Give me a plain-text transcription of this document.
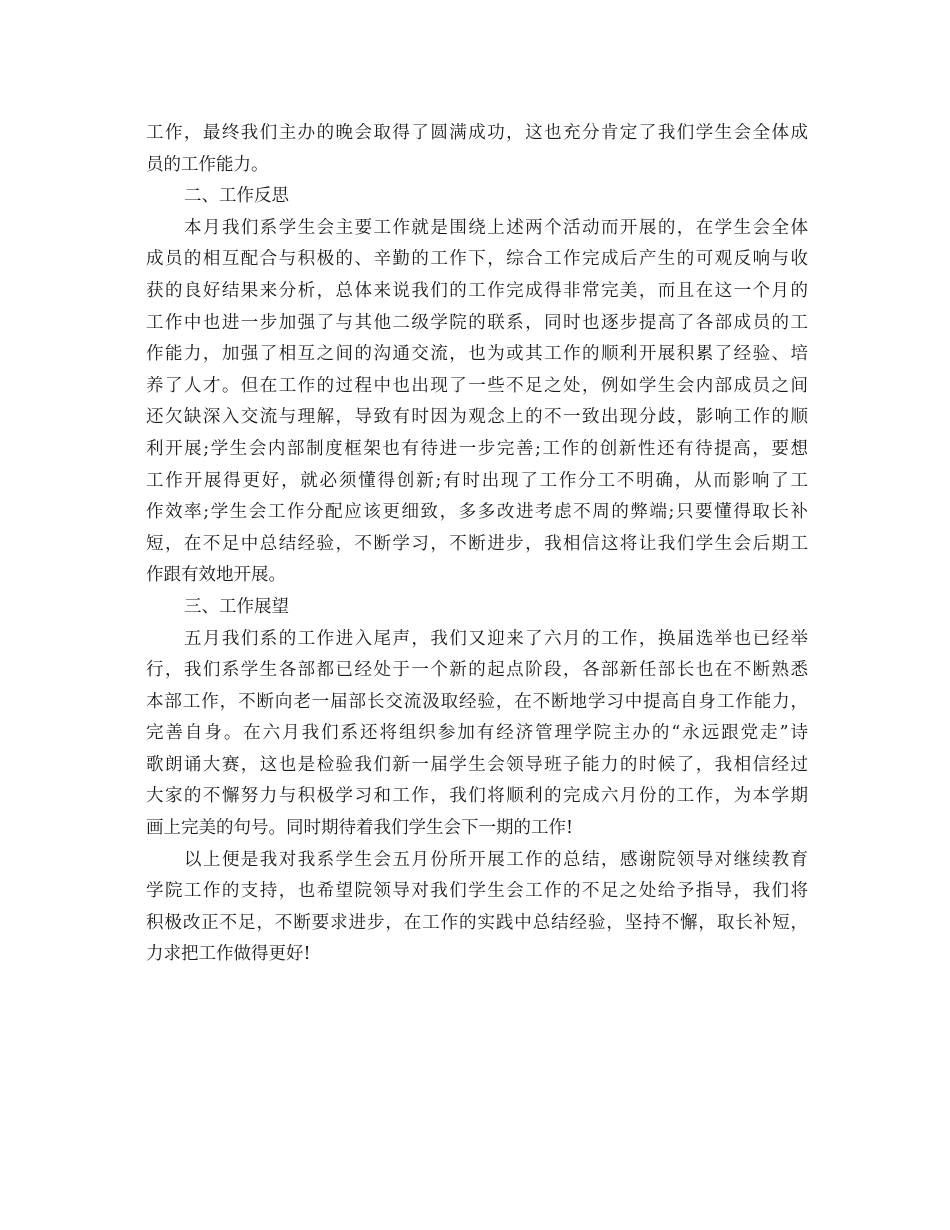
工作，最终我们主办的晚会取得了圆满成功，这也充分肯定了我们学生会全体成
员的工作能力。
二、工作反思
本月我们系学生会主要工作就是围绕上述两个活动而开展的，在学生会全体
成员的相互配合与积极的、辛勤的工作下，综合工作完成后产生的可观反响与收
获的良好结果来分析，总体来说我们的工作完成得非常完美，而且在这一个月的
工作中也进一步加强了与其他二级学院的联系，同时也逐步提高了各部成员的工
作能力，加强了相互之间的沟通交流，也为或其工作的顺利开展积累了经验、培
养了人才。但在工作的过程中也出现了一些不足之处，例如学生会内部成员之间
还欠缺深入交流与理解，导致有时因为观念上的不一致出现分歧，影响工作的顺
利开展;学生会内部制度框架也有待进一步完善;工作的创新性还有待提高，要想
工作开展得更好，就必须懂得创新;有时出现了工作分工不明确，从而影响了工
作效率;学生会工作分配应该更细致，多多改进考虑不周的弊端;只要懂得取长补
短，在不足中总结经验，不断学习，不断进步，我相信这将让我们学生会后期工
作跟有效地开展。
三、工作展望
五月我们系的工作进入尾声，我们又迎来了六月的工作，换届选举也已经举
行，我们系学生各部都已经处于一个新的起点阶段，各部新任部长也在不断熟悉
本部工作，不断向老一届部长交流汲取经验，在不断地学习中提高自身工作能力，
完善自身。在六月我们系还将组织参加有经济管理学院主办的“永远跟党走”诗
歌朗诵大赛，这也是检验我们新一届学生会领导班子能力的时候了，我相信经过
大家的不懈努力与积极学习和工作，我们将顺利的完成六月份的工作，为本学期
画上完美的句号。同时期待着我们学生会下一期的工作!
以上便是我对我系学生会五月份所开展工作的总结，感谢院领导对继续教育
学院工作的支持，也希望院领导对我们学生会工作的不足之处给予指导，我们将
积极改正不足，不断要求进步，在工作的实践中总结经验，坚持不懈，取长补短，
力求把工作做得更好!
